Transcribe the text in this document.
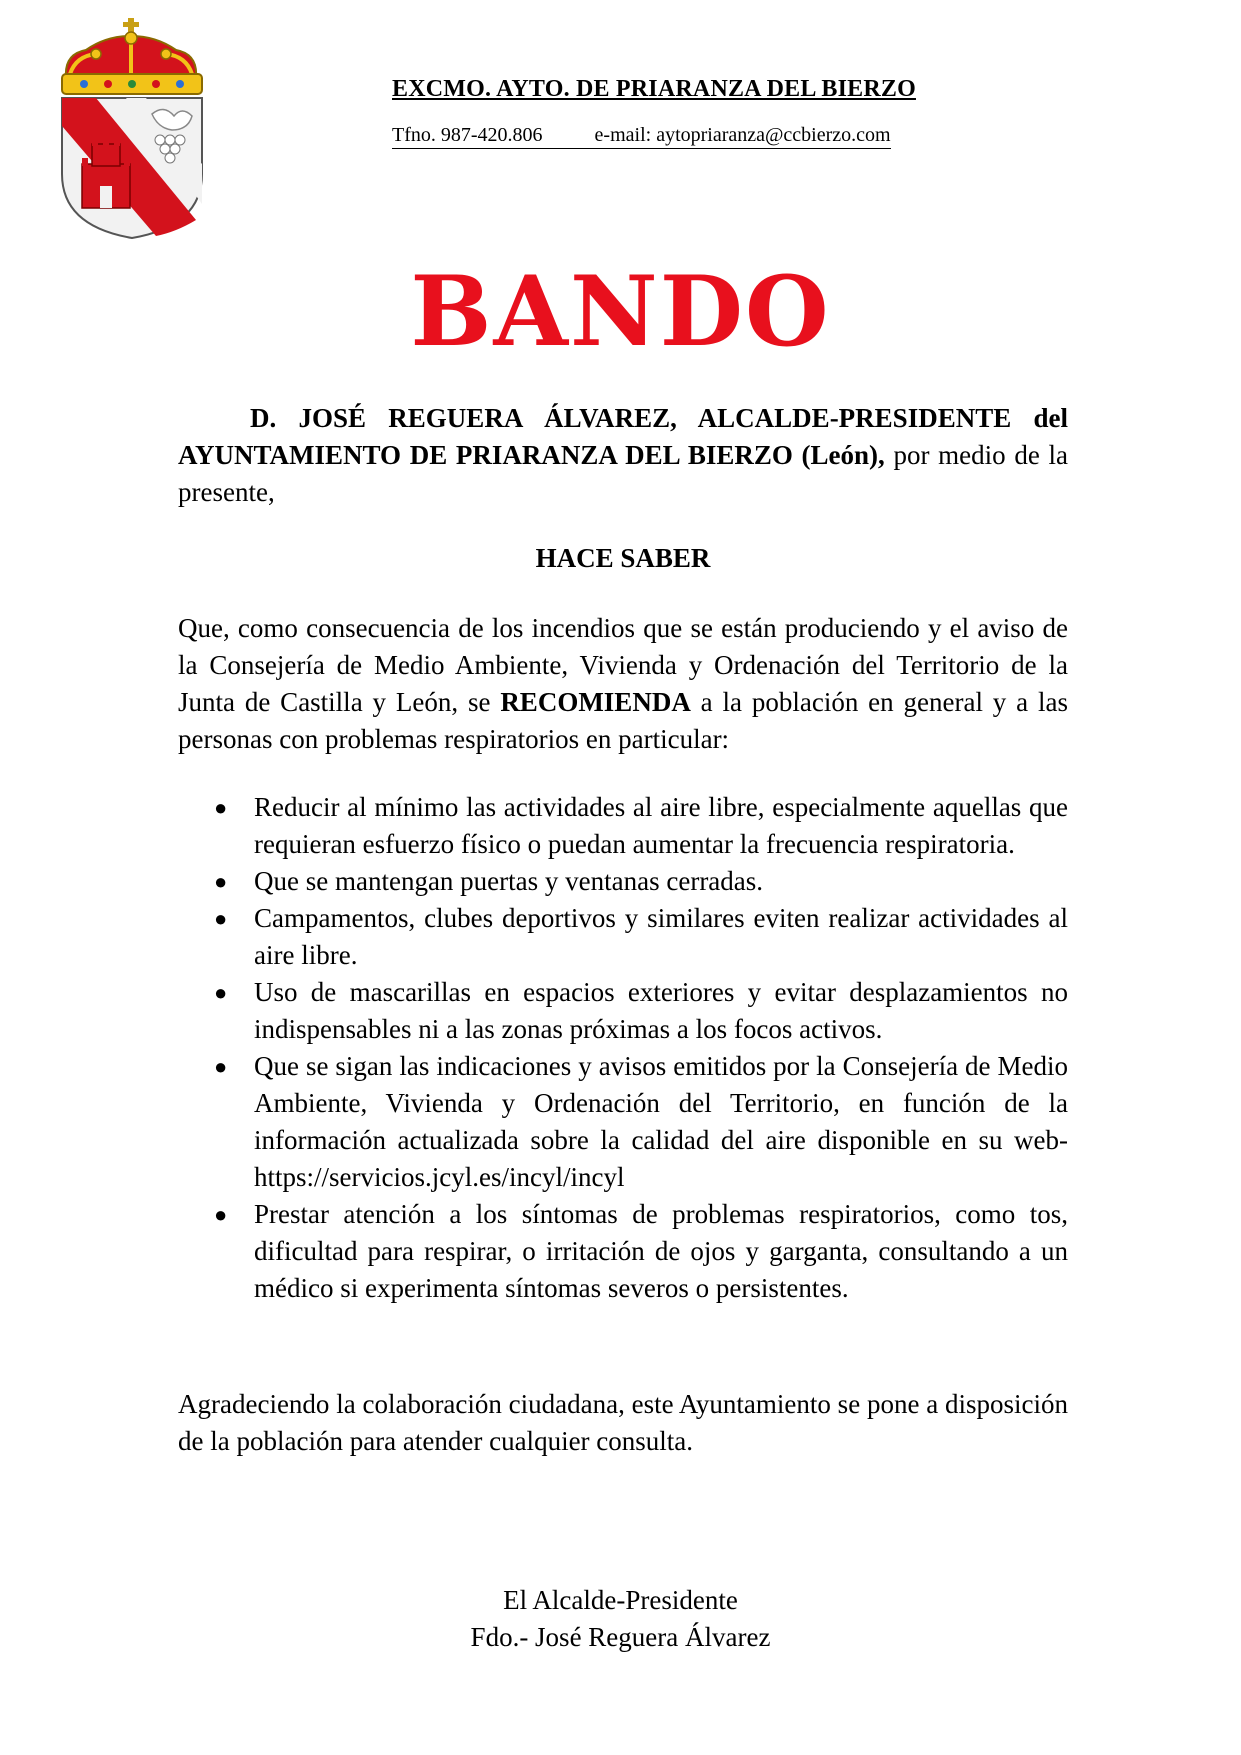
EXCMO. AYTO. DE PRIARANZA DEL BIERZO
Tfno. 987-420.806	e-mail: aytopriaranza@ccbierzo.com
BANDO
D. JOSÉ REGUERA ÁLVAREZ, ALCALDE-PRESIDENTE del AYUNTAMIENTO DE PRIARANZA DEL BIERZO (León), por medio de la presente,
HACE SABER
Que, como consecuencia de los incendios que se están produciendo y el aviso de la Consejería de Medio Ambiente, Vivienda y Ordenación del Territorio de la Junta de Castilla y León, se RECOMIENDA a la población en general y a las personas con problemas respiratorios en particular:
● Reducir al mínimo las actividades al aire libre, especialmente aquellas que requieran esfuerzo físico o puedan aumentar la frecuencia respiratoria.
● Que se mantengan puertas y ventanas cerradas.
● Campamentos, clubes deportivos y similares eviten realizar actividades al aire libre.
● Uso de mascarillas en espacios exteriores y evitar desplazamientos no indispensables ni a las zonas próximas a los focos activos.
● Que se sigan las indicaciones y avisos emitidos por la Consejería de Medio Ambiente, Vivienda y Ordenación del Territorio, en función de la información actualizada sobre la calidad del aire disponible en su web- https://servicios.jcyl.es/incyl/incyl
● Prestar atención a los síntomas de problemas respiratorios, como tos, dificultad para respirar, o irritación de ojos y garganta, consultando a un médico si experimenta síntomas severos o persistentes.
Agradeciendo la colaboración ciudadana, este Ayuntamiento se pone a disposición de la población para atender cualquier consulta.
El Alcalde-Presidente
Fdo.- José Reguera Álvarez
